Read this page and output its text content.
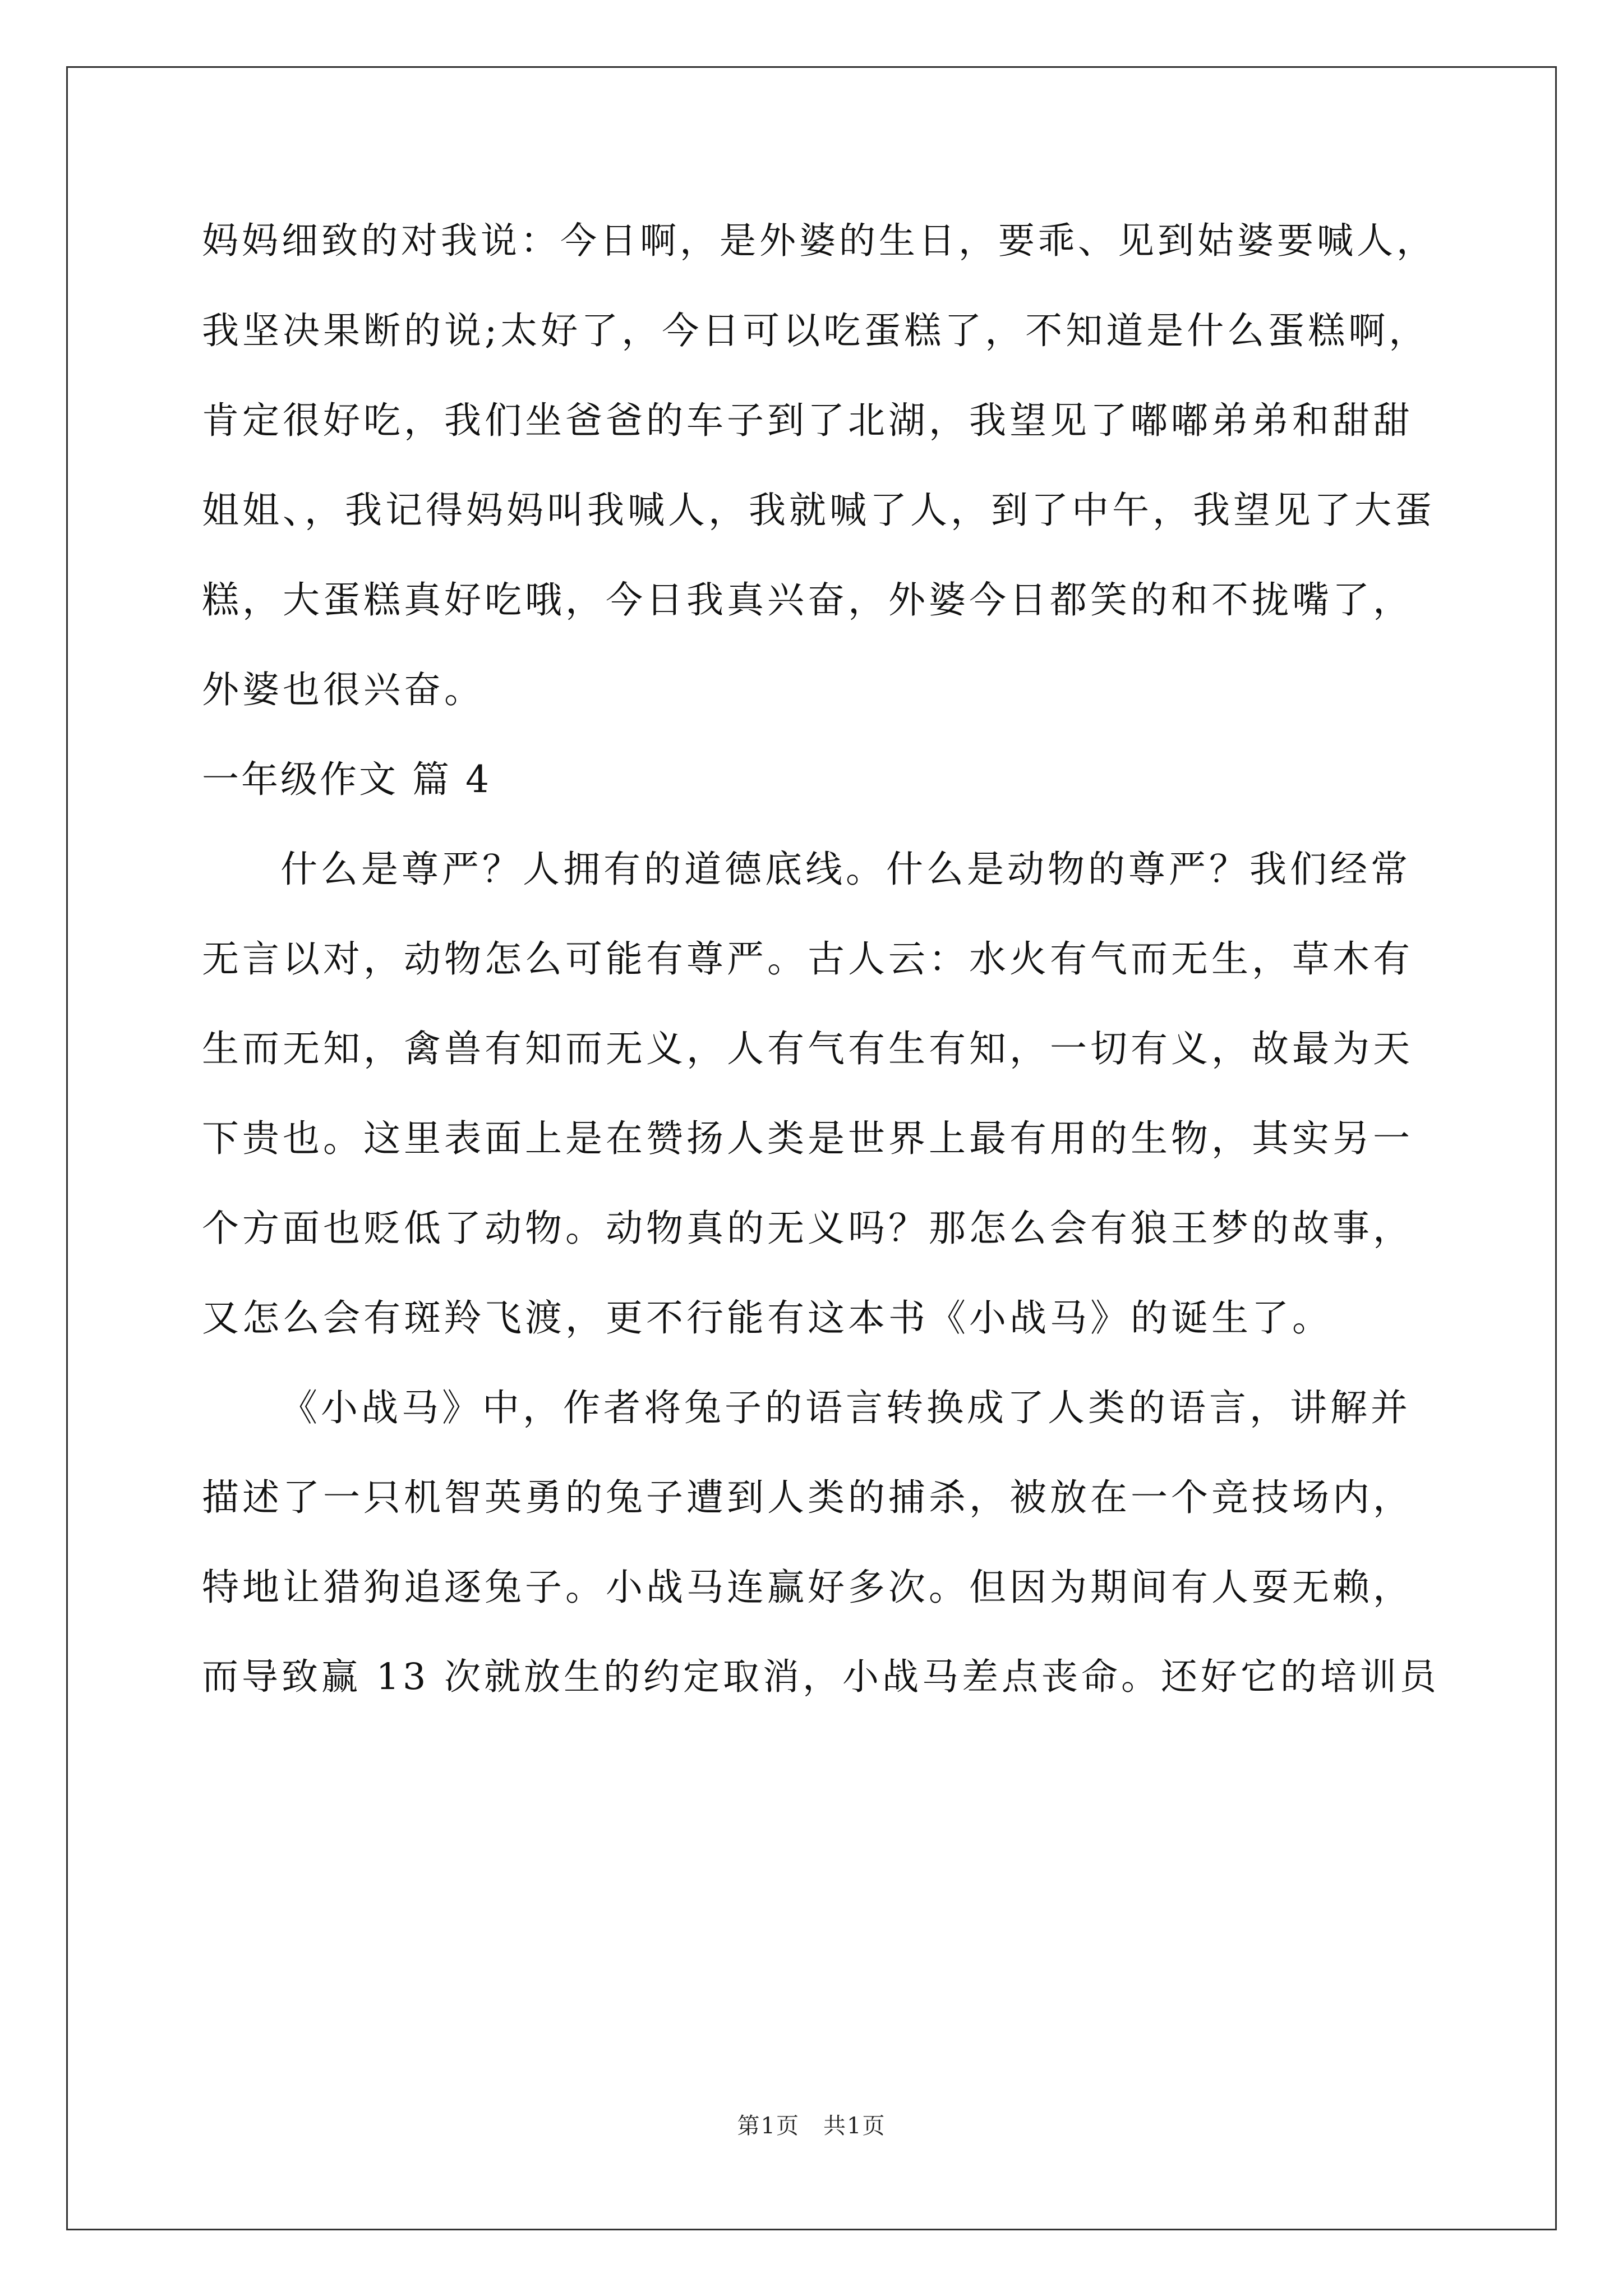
妈妈细致的对我说：今日啊，是外婆的生日，要乖、见到姑婆要喊人，
我坚决果断的说;太好了，今日可以吃蛋糕了，不知道是什么蛋糕啊，
肯定很好吃，我们坐爸爸的车子到了北湖，我望见了嘟嘟弟弟和甜甜
姐姐、，我记得妈妈叫我喊人，我就喊了人，到了中午，我望见了大蛋
糕，大蛋糕真好吃哦，今日我真兴奋，外婆今日都笑的和不拢嘴了，
外婆也很兴奋。
一年级作文 篇 4
什么是尊严？人拥有的道德底线。什么是动物的尊严？我们经常
无言以对，动物怎么可能有尊严。古人云：水火有气而无生，草木有
生而无知，禽兽有知而无义，人有气有生有知，一切有义，故最为天
下贵也。这里表面上是在赞扬人类是世界上最有用的生物，其实另一
个方面也贬低了动物。动物真的无义吗？那怎么会有狼王梦的故事，
又怎么会有斑羚飞渡，更不行能有这本书《小战马》的诞生了。
《小战马》中，作者将兔子的语言转换成了人类的语言，讲解并
描述了一只机智英勇的兔子遭到人类的捕杀，被放在一个竞技场内，
特地让猎狗追逐兔子。小战马连赢好多次。但因为期间有人耍无赖，
而导致赢 13 次就放生的约定取消，小战马差点丧命。还好它的培训员
第1页　共1页
